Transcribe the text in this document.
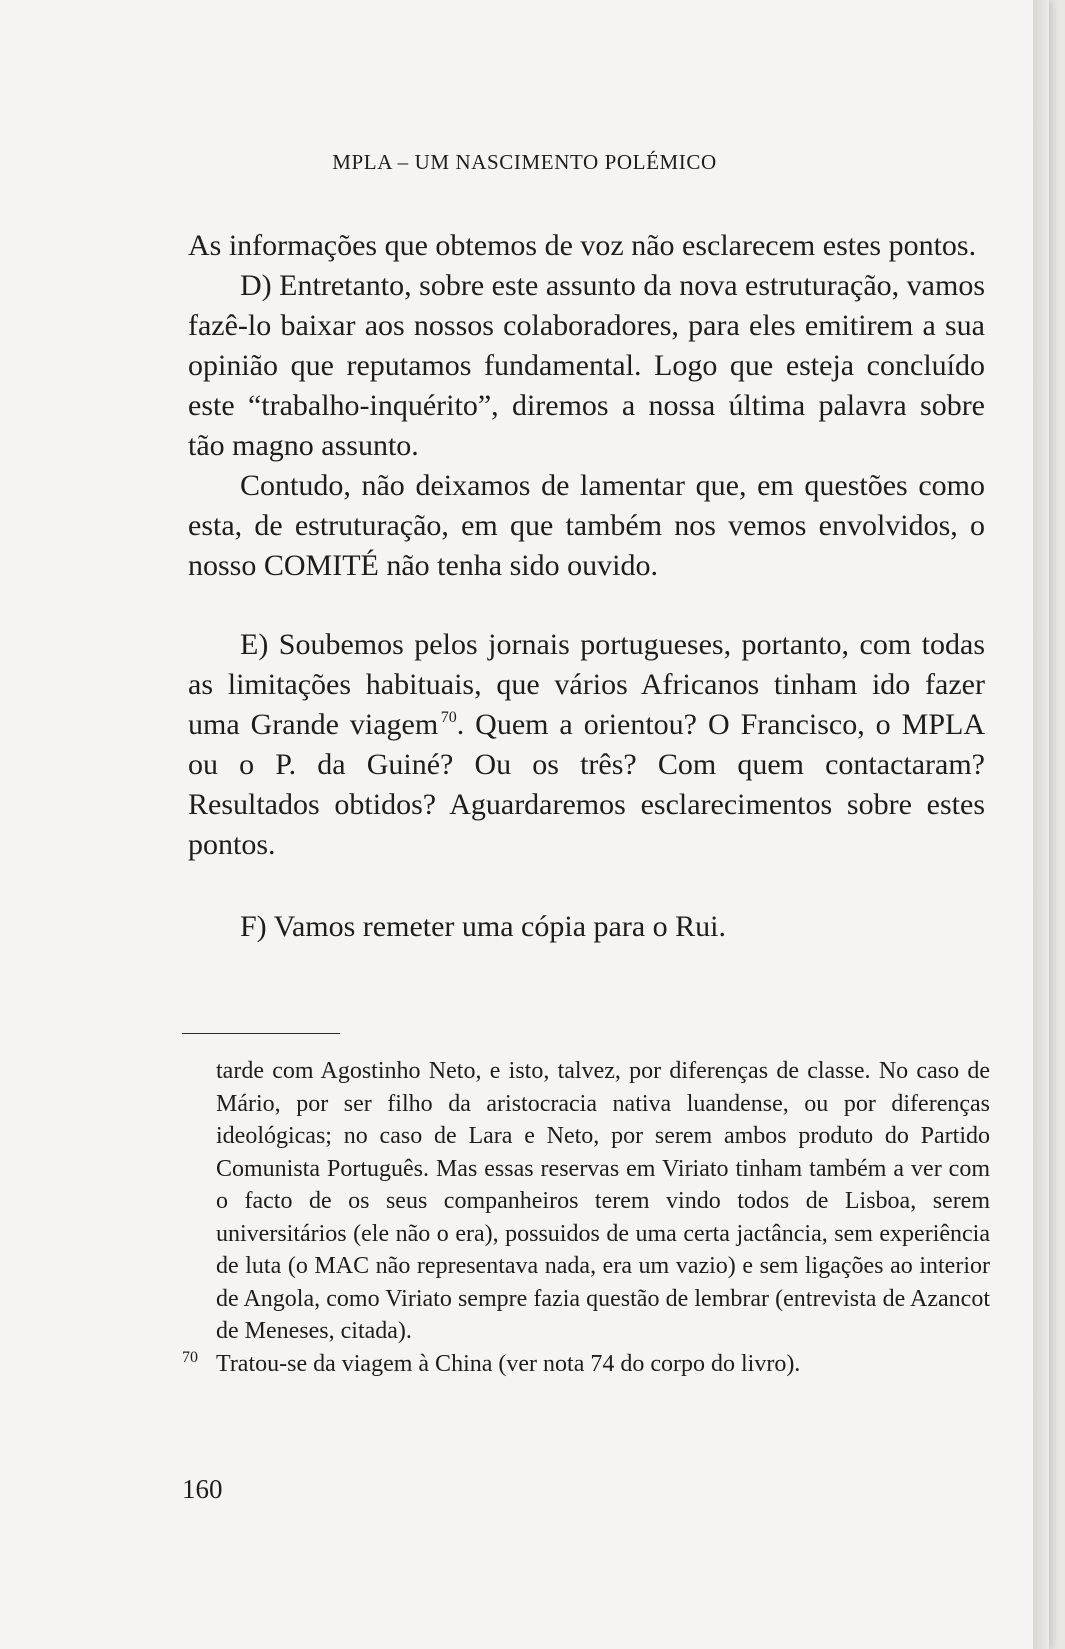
MPLA – UM NASCIMENTO POLÉMICO

As informações que obtemos de voz não esclarecem estes pontos.

D) Entretanto, sobre este assunto da nova estruturação, vamos fazê-lo baixar aos nossos colaboradores, para eles emitirem a sua opinião que reputamos fundamental. Logo que esteja concluído este “trabalho-inquérito”, diremos a nossa última palavra sobre tão magno assunto.

Contudo, não deixamos de lamentar que, em questões como esta, de estruturação, em que também nos vemos envolvidos, o nosso COMITÉ não tenha sido ouvido.

E) Soubemos pelos jornais portugueses, portanto, com todas as limitações habituais, que vários Africanos tinham ido fazer uma Grande viagem  $^{70}$. Quem a orientou? O Francisco, o MPLA ou o P. da Guiné? Ou os três? Com quem contactaram? Resultados obtidos? Aguardaremos esclarecimentos sobre estes pontos.

F) Vamos remeter uma cópia para o Rui.

tarde com Agostinho Neto, e isto, talvez, por diferenças de classe. No caso de Mário, por ser filho da aristocracia nativa luandense, ou por diferenças ideológicas; no caso de Lara e Neto, por serem ambos produto do Partido Comunista Português. Mas essas reservas em Viriato tinham também a ver com o facto de os seus companheiros terem vindo todos de Lisboa, serem universitários (ele não o era), possuidos de uma certa jactância, sem experiência de luta (o MAC não representava nada, era um vazio) e sem ligações ao interior de Angola, como Viriato sempre fazia questão de lembrar (entrevista de Azancot de Meneses, citada).

70 Tratou-se da viagem à China (ver nota 74 do corpo do livro).
160
